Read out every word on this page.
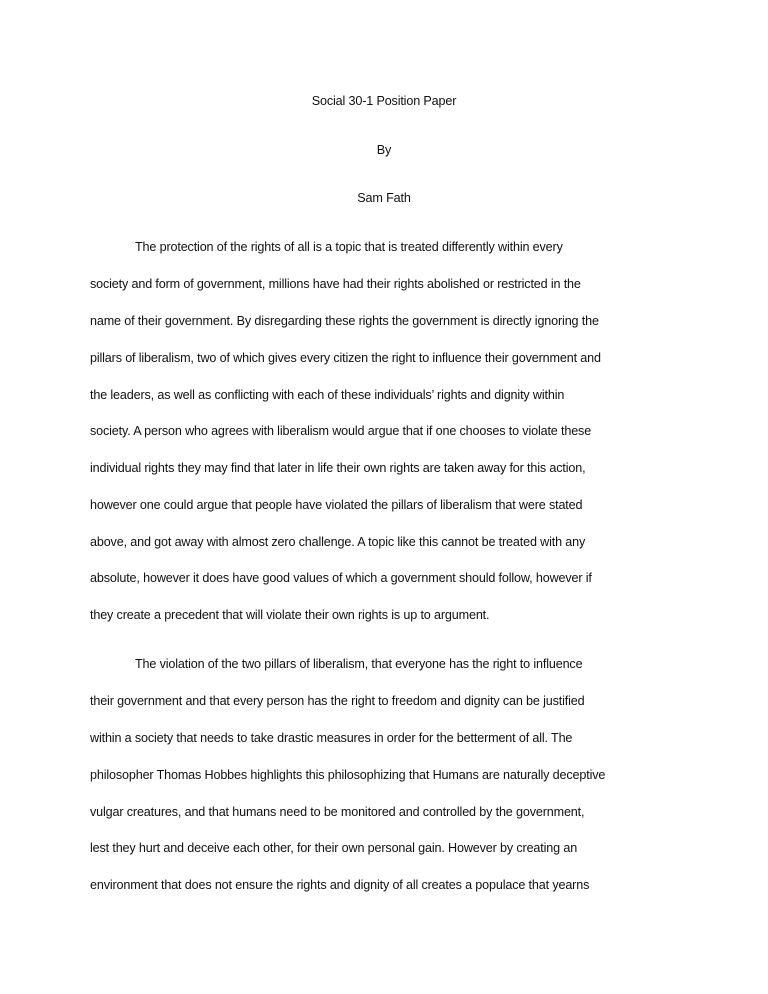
Social 30-1 Position Paper
By
Sam Fath
The protection of the rights of all is a topic that is treated differently within every
society and form of government, millions have had their rights abolished or restricted in the
name of their government. By disregarding these rights the government is directly ignoring the
pillars of liberalism, two of which gives every citizen the right to influence their government and
the leaders, as well as conflicting with each of these individuals’ rights and dignity within
society. A person who agrees with liberalism would argue that if one chooses to violate these
individual rights they may find that later in life their own rights are taken away for this action,
however one could argue that people have violated the pillars of liberalism that were stated
above, and got away with almost zero challenge. A topic like this cannot be treated with any
absolute, however it does have good values of which a government should follow, however if
they create a precedent that will violate their own rights is up to argument.
The violation of the two pillars of liberalism, that everyone has the right to influence
their government and that every person has the right to freedom and dignity can be justified
within a society that needs to take drastic measures in order for the betterment of all. The
philosopher Thomas Hobbes highlights this philosophizing that Humans are naturally deceptive
vulgar creatures, and that humans need to be monitored and controlled by the government,
lest they hurt and deceive each other, for their own personal gain. However by creating an
environment that does not ensure the rights and dignity of all creates a populace that yearns
